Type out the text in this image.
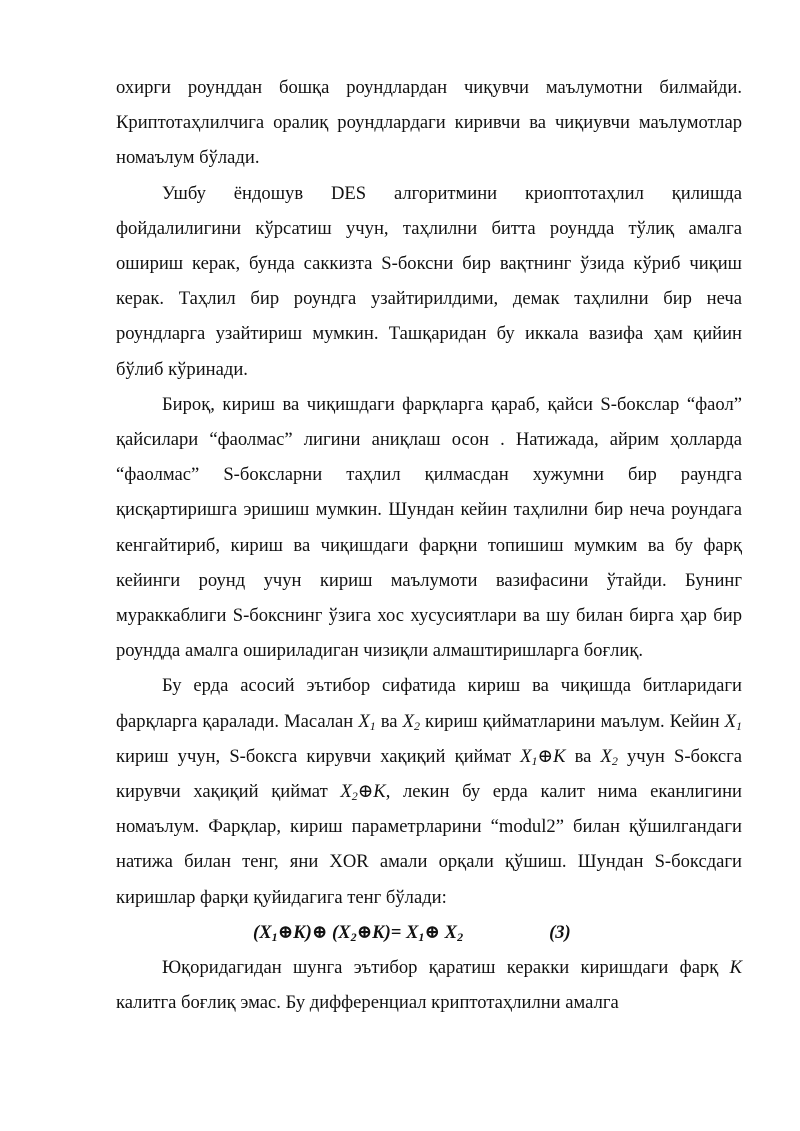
охирги роунддан бошқа роундлардан чиқувчи маълумотни билмайди. Криптотаҳлилчига оралиқ роундлардаги киривчи ва чиқиувчи маълумотлар номаълум бўлади.

Ушбу ёндошув DES алгоритмини криоптотаҳлил қилишда фойдалилигини кўрсатиш учун, таҳлилни битта роундда тўлиқ амалга ошириш керак, бунда саккизта S-боксни бир вақтнинг ўзида кўриб чиқиш керак. Таҳлил бир роундга узайтирилдими, демак таҳлилни бир неча роундларга узайтириш мумкин. Ташқаридан бу иккала вазифа ҳам қийин бўлиб кўринади.

Бироқ, кириш ва чиқишдаги фарқларга қараб, қайси S-бокслар “фаол” қайсилари “фаолмас” лигини аниқлаш осон . Натижада, айрим ҳолларда “фаолмас” S-боксларни таҳлил қилмасдан хужумни бир раундга қисқартиришга эришиш мумкин. Шундан кейин таҳлилни бир неча роундага кенгайтириб, кириш ва чиқишдаги фарқни топишиш мумким ва бу фарқ кейинги роунд учун кириш маълумоти вазифасини ўтайди. Бунинг мураккаблиги S-бокснинг ўзига хос хусусиятлари ва шу билан бирга ҳар бир роундда амалга ошириладиган чизиқли алмаштиришларга боғлиқ.

Бу ерда асосий эътибор сифатида кириш ва чиқишда битларидаги фарқларга қаралади. Масалан $X_1$ ва $X_2$ кириш қийматларини маълум. Кейин $X_1$ кириш учун, S-боксга кирувчи хақиқий қиймат $X_1\oplus K$ ва $X_2$ учун S-боксга кирувчи хақиқий қиймат $X_2\oplus K$, лекин бу ерда калит нима еканлигини номаълум. Фарқлар, кириш параметрларини “modul2” билан қўшилгандаги натижа билан тенг, яни XOR амали орқали қўшиш. Шундан S-боксдаги киришлар фарқи қуйидагига тенг бўлади:

$(X_1\oplus K)\oplus$ $(X_2\oplus K)=$ $X_1\oplus$ $X_2$	(3)

Юқоридагидан шунга эътибор қаратиш керакки киришдаги фарқ K калитга боғлиқ эмас. Бу дифференциал криптотаҳлилни амалга
